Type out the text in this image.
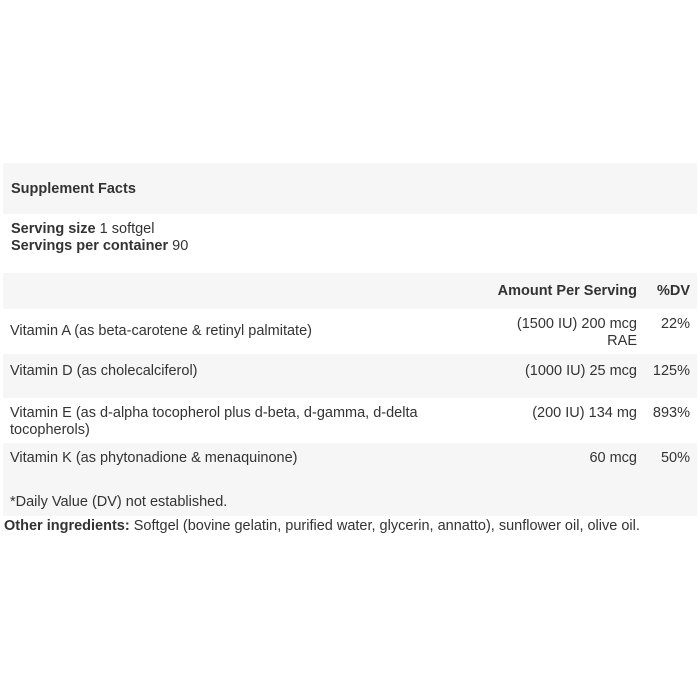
Supplement Facts
Serving size 1 softgel
Servings per container 90
	Amount Per Serving	%DV
Vitamin A (as beta-carotene & retinyl palmitate)	(1500 IU) 200 mcg RAE	22%
Vitamin D (as cholecalciferol)	(1000 IU) 25 mcg	125%
Vitamin E (as d-alpha tocopherol plus d-beta, d-gamma, d-delta tocopherols)	(200 IU) 134 mg	893%
Vitamin K (as phytonadione & menaquinone)	60 mcg	50%
*Daily Value (DV) not established.
Other ingredients: Softgel (bovine gelatin, purified water, glycerin, annatto), sunflower oil, olive oil.
